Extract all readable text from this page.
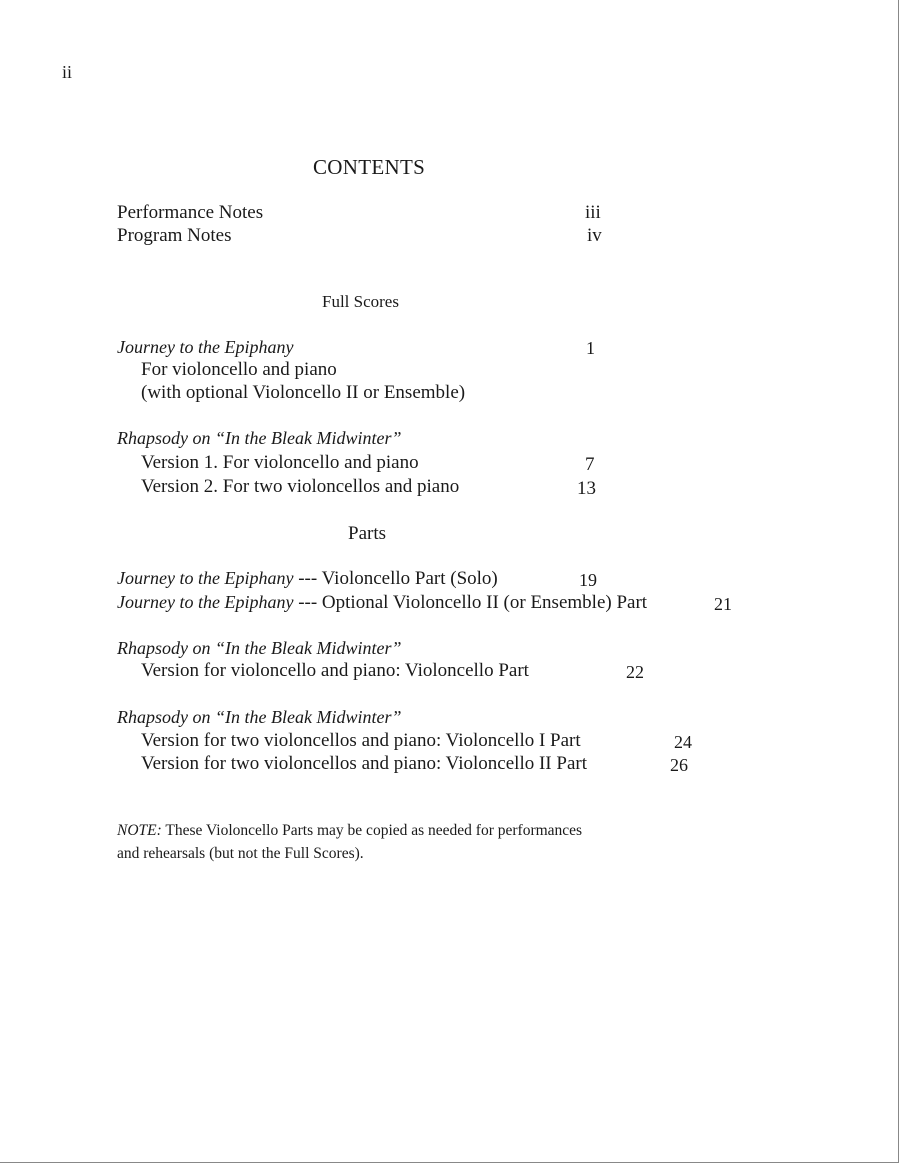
ii
CONTENTS
Performance Notes	iii
Program Notes	iv
Full Scores
Journey to the Epiphany	1
For violoncello and piano
(with optional Violoncello II or Ensemble)
Rhapsody on “In the Bleak Midwinter”
Version 1. For violoncello and piano	7
Version 2. For two violoncellos and piano	13
Parts
Journey to the Epiphany --- Violoncello Part (Solo)	19
Journey to the Epiphany --- Optional Violoncello II (or Ensemble) Part	21
Rhapsody on “In the Bleak Midwinter”
Version for violoncello and piano: Violoncello Part	22
Rhapsody on “In the Bleak Midwinter”
Version for two violoncellos and piano: Violoncello I Part	24
Version for two violoncellos and piano: Violoncello II Part	26
NOTE: These Violoncello Parts may be copied as needed for performances
and rehearsals (but not the Full Scores).
